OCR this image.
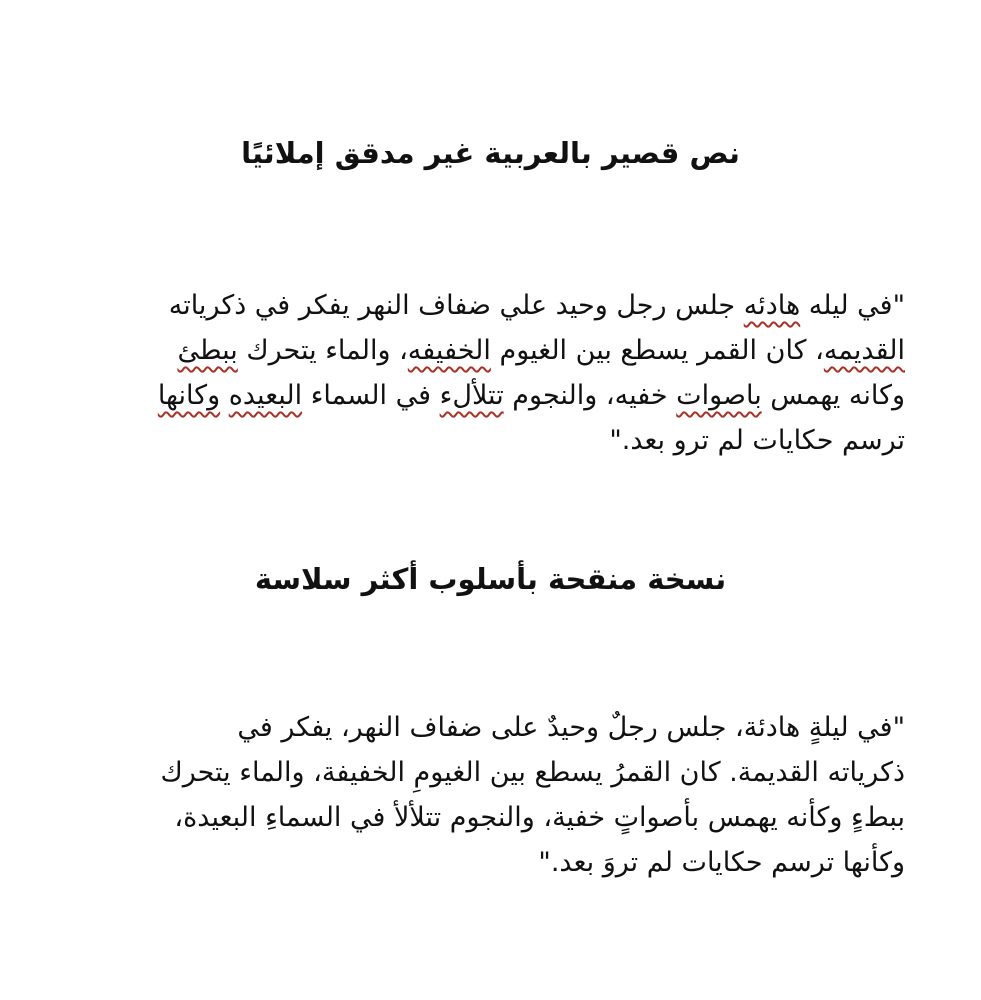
نص قصير بالعربية غير مدقق إملائيًا
"في ليله هادئه جلس رجل وحيد علي ضفاف النهر يفكر في ذكرياته
القديمه، كان القمر يسطع بين الغيوم الخفيفه، والماء يتحرك ببطئ
وكانه يهمس باصوات خفيه، والنجوم تتلألء في السماء البعيده وكانها
ترسم حكايات لم ترو بعد."
نسخة منقحة بأسلوب أكثر سلاسة
"في ليلةٍ هادئة، جلس رجلٌ وحيدٌ على ضفاف النهر، يفكر في
ذكرياته القديمة. كان القمرُ يسطع بين الغيومِ الخفيفة، والماء يتحرك
ببطءٍ وكأنه يهمس بأصواتٍ خفية، والنجوم تتلألأ في السماءِ البعيدة،
وكأنها ترسم حكايات لم تروَ بعد."
